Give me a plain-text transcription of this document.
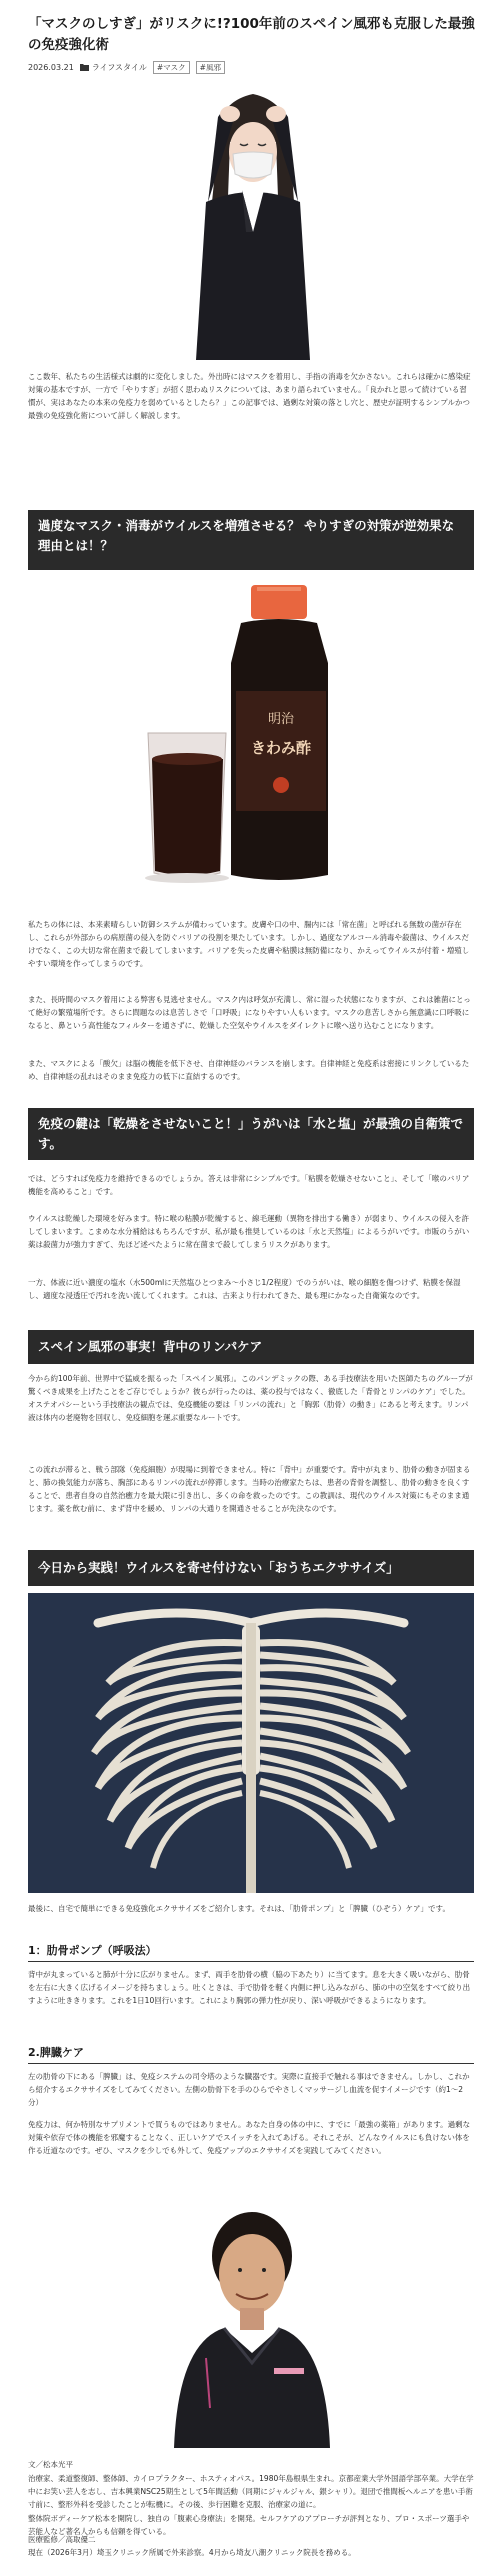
「マスクのしすぎ」がリスクに!?100年前のスペイン風邪も克服した最強の免疫強化術
2026.03.21 ライフスタイル	#マスク	#風邪

ここ数年、私たちの生活様式は劇的に変化しました。外出時にはマスクを着用し、手指の消毒を欠かさない。これらは確かに感染症対策の基本ですが、一方で「やりすぎ」が招く思わぬリスクについては、あまり語られていません。「良かれと思って続けている習慣が、実はあなたの本来の免疫力を弱めているとしたら？」この記事では、過剰な対策の落とし穴と、歴史が証明するシンプルかつ最強の免疫強化術について詳しく解説します。

過度なマスク・消毒がウイルスを増殖させる？ やりすぎの対策が逆効果な理由とは！？
明治
きわみ酢

私たちの体には、本来素晴らしい防御システムが備わっています。皮膚や口の中、腸内には「常在菌」と呼ばれる無数の菌が存在し、これらが外部からの病原菌の侵入を防ぐバリアの役割を果たしています。しかし、過度なアルコール消毒や殺菌は、ウイルスだけでなく、この大切な常在菌まで殺してしまいます。バリアを失った皮膚や粘膜は無防備になり、かえってウイルスが付着・増殖しやすい環境を作ってしまうのです。

また、長時間のマスク着用による弊害も見逃せません。マスク内は呼気が充満し、常に湿った状態になりますが、これは雑菌にとって絶好の繁殖場所です。さらに問題なのは息苦しさで「口呼吸」になりやすい人もいます。マスクの息苦しさから無意識に口呼吸になると、鼻という高性能なフィルターを通さずに、乾燥した空気やウイルスをダイレクトに喉へ送り込むことになります。

また、マスクによる「酸欠」は脳の機能を低下させ、自律神経のバランスを崩します。自律神経と免疫系は密接にリンクしているため、自律神経の乱れはそのまま免疫力の低下に直結するのです。

免疫の鍵は「乾燥をさせないこと！」うがいは「水と塩」が最強の自衛策です。

では、どうすれば免疫力を維持できるのでしょうか。答えは非常にシンプルです。「粘膜を乾燥させないこと」、そして「喉のバリア機能を高めること」です。

ウイルスは乾燥した環境を好みます。特に喉の粘膜が乾燥すると、線毛運動（異物を排出する働き）が弱まり、ウイルスの侵入を許してしまいます。こまめな水分補給はもちろんですが、私が最も推奨しているのは「水と天然塩」によるうがいです。市販のうがい薬は殺菌力が強力すぎて、先ほど述べたように常在菌まで殺してしまうリスクがあります。

一方、体液に近い濃度の塩水（水500mlに天然塩ひとつまみ〜小さじ1/2程度）でのうがいは、喉の細胞を傷つけず、粘膜を保湿し、適度な浸透圧で汚れを洗い流してくれます。これは、古来より行われてきた、最も理にかなった自衛策なのです。

スペイン風邪の事実！背中のリンパケア

今から約100年前、世界中で猛威を振るった「スペイン風邪」。このパンデミックの際、ある手技療法を用いた医師たちのグループが驚くべき成果を上げたことをご存じでしょうか？彼らが行ったのは、薬の投与ではなく、徹底した「背骨とリンパのケア」でした。オステオパシーという手技療法の観点では、免疫機能の要は「リンパの流れ」と「胸郭（肋骨）の動き」にあると考えます。リンパ液は体内の老廃物を回収し、免疫細胞を運ぶ重要なルートです。

この流れが滞ると、戦う部隊（免疫細胞）が現場に到着できません。特に「背中」が重要です。背中が丸まり、肋骨の動きが固まると、肺の換気能力が落ち、胸部にあるリンパの流れが停滞します。当時の治療家たちは、患者の背骨を調整し、肋骨の動きを良くすることで、患者自身の自然治癒力を最大限に引き出し、多くの命を救ったのです。この教訓は、現代のウイルス対策にもそのまま通じます。薬を飲む前に、まず背中を緩め、リンパの大通りを開通させることが先決なのです。

今日から実践！ウイルスを寄せ付けない「おうちエクササイズ」

最後に、自宅で簡単にできる免疫強化エクササイズをご紹介します。それは、「肋骨ポンプ」と「脾臓（ひぞう）ケア」です。

1：肋骨ポンプ（呼吸法）

背中が丸まっていると肺が十分に広がりません。まず、両手を肋骨の横（脇の下あたり）に当てます。息を大きく吸いながら、肋骨を左右に大きく広げるイメージを持ちましょう。吐くときは、手で肋骨を軽く内側に押し込みながら、肺の中の空気をすべて絞り出すように吐ききります。これを1日10回行います。これにより胸郭の弾力性が戻り、深い呼吸ができるようになります。

2.脾臓ケア

左の肋骨の下にある「脾臓」は、免疫システムの司令塔のような臓器です。実際に直接手で触れる事はできません。しかし、これから紹介するエクササイズをしてみてください。左側の肋骨下を手のひらでやさしくマッサージし血流を促すイメージです（約1〜2分）

免疫力は、何か特別なサプリメントで買うものではありません。あなた自身の体の中に、すでに「最強の薬箱」があります。過剰な対策や依存で体の機能を邪魔することなく、正しいケアでスイッチを入れてあげる。それこそが、どんなウイルスにも負けない体を作る近道なのです。ぜひ、マスクを少しでも外して、免疫アップのエクササイズを実践してみてください。

文／松本光平

治療家、柔道整復師、整体師、カイロプラクター、ホスティオパス。1980年島根県生まれ。京都産業大学外国語学部卒業。大学在学中にお笑い芸人を志し、吉本興業NSC25期生として5年間活動（同期にジャルジャル、銀シャリ）。退団で推間板ヘルニアを患い手術寸前に、整形外科を受診したことが転機に。その後、歩行困難を克服、治療家の道に。

整体院ボディーケア松本を開院し、独自の「腹素心身療法」を開発。セルフケアのアプローチが評判となり、プロ・スポーツ選手や芸能人など著名人からも信頼を得ている。

医療監修／高取優二

現在（2026年3月）埼玉クリニック所属で外来診察。4月から埼友八潮クリニック院長を務める。
